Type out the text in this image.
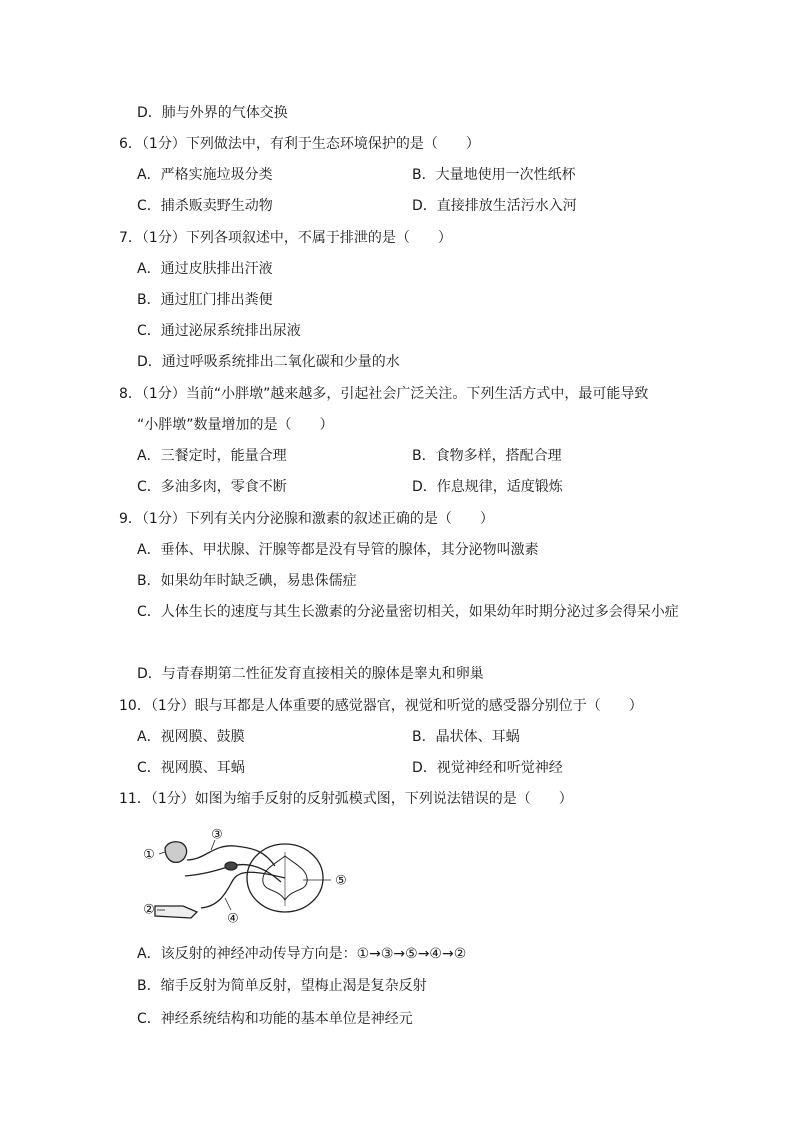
D．肺与外界的气体交换
6．（1分）下列做法中，有利于生态环境保护的是（　　）
A．严格实施垃圾分类	B．大量地使用一次性纸杯
C．捕杀贩卖野生动物	D．直接排放生活污水入河
7．（1分）下列各项叙述中，不属于排泄的是（　　）
A．通过皮肤排出汗液
B．通过肛门排出粪便
C．通过泌尿系统排出尿液
D．通过呼吸系统排出二氧化碳和少量的水
8．（1分）当前“小胖墩”越来越多，引起社会广泛关注。下列生活方式中，最可能导致
“小胖墩”数量增加的是（　　）
A．三餐定时，能量合理	B．食物多样，搭配合理
C．多油多肉，零食不断	D．作息规律，适度锻炼
9．（1分）下列有关内分泌腺和激素的叙述正确的是（　　）
A．垂体、甲状腺、汗腺等都是没有导管的腺体，其分泌物叫激素
B．如果幼年时缺乏碘，易患侏儒症
C．人体生长的速度与其生长激素的分泌量密切相关，如果幼年时期分泌过多会得呆小症
D．与青春期第二性征发育直接相关的腺体是睾丸和卵巢
10．（1分）眼与耳都是人体重要的感觉器官，视觉和听觉的感受器分别位于（　　）
A．视网膜、鼓膜	B．晶状体、耳蜗
C．视网膜、耳蜗	D．视觉神经和听觉神经
11．（1分）如图为缩手反射的反射弧模式图，下列说法错误的是（　　）
①
②
③
④
⑤
A．该反射的神经冲动传导方向是：①→③→⑤→④→②
B．缩手反射为简单反射，望梅止渴是复杂反射
C．神经系统结构和功能的基本单位是神经元
